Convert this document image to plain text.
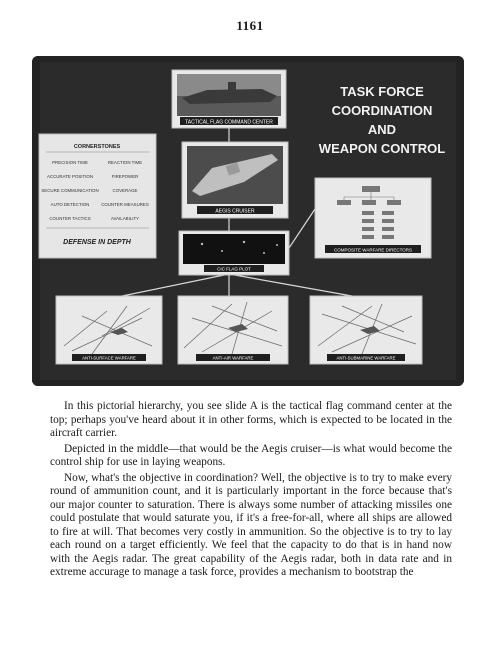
1161
TACTICAL FLAG COMMAND CENTER
TASK FORCE
COORDINATION
AND
WEAPON CONTROL
AEGIS CRUISER
CORNERSTONES
PRECISION TIME	REACTION TIME
ACCURATE POSITION	FIREPOWER
SECURE COMMUNICATION	COVERAGE
AUTO DETECTION	COUNTER MEASURES
COUNTER TACTICS	AVAILABILITY
DEFENSE IN DEPTH
COMPOSITE WARFARE DIRECTORS
CIC FLAG PLOT
ANTI-SURFACE WARFARE	ANTI-AIR WARFARE	ANTI-SUBMARINE WARFARE

In this pictorial hierarchy, you see slide A is the tactical flag command center at the top; perhaps you've heard about it in other forms, which is expected to be located in the aircraft carrier.

Depicted in the middle—that would be the Aegis cruiser—is what would become the control ship for use in laying weapons.

Now, what's the objective in coordination? Well, the objective is to try to make every round of ammunition count, and it is particularly important in the force because that's our major counter to saturation. There is always some number of attacking missiles one could postulate that would saturate you, if it's a free-for-all, where all ships are allowed to fire at will. That becomes very costly in ammunition. So the objective is to try to lay each round on a target efficiently. We feel that the capacity to do that is in hand now with the Aegis radar. The great capability of the Aegis radar, both in data rate and in extreme accurage to manage a task force, provides a mechanism to bootstrap the
